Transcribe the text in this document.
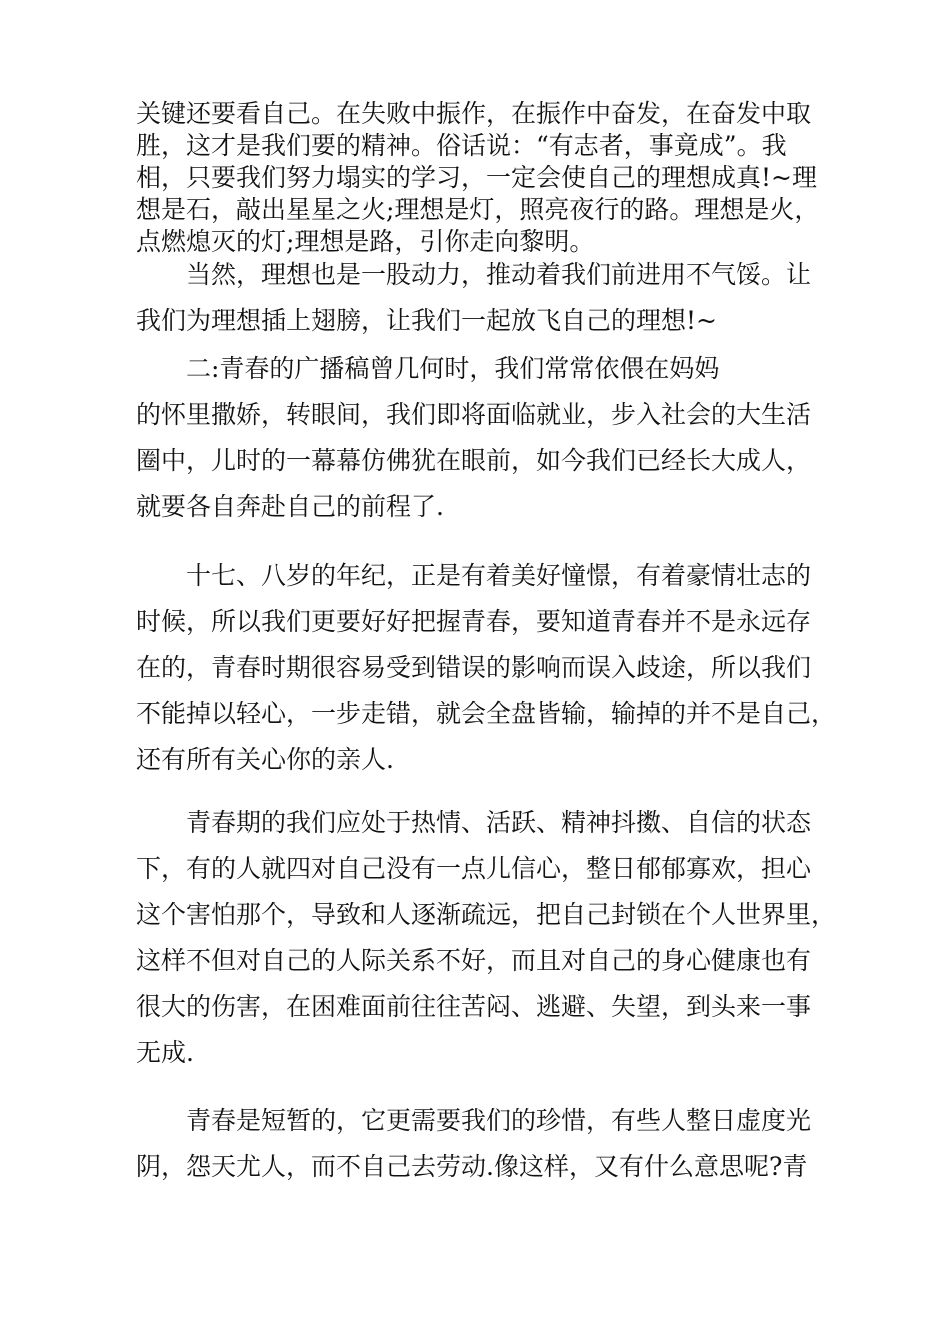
关键还要看自己。在失败中振作，在振作中奋发，在奋发中取
胜，这才是我们要的精神。俗话说：“有志者，事竟成”。我
相，只要我们努力塌实的学习，一定会使自己的理想成真!~理
想是石，敲出星星之火;理想是灯，照亮夜行的路。理想是火，
点燃熄灭的灯;理想是路，引你走向黎明。
当然，理想也是一股动力，推动着我们前进用不气馁。让
我们为理想插上翅膀，让我们一起放飞自己的理想!~
二:青春的广播稿曾几何时，我们常常依偎在妈妈
的怀里撒娇，转眼间，我们即将面临就业，步入社会的大生活
圈中，儿时的一幕幕仿佛犹在眼前，如今我们已经长大成人，
就要各自奔赴自己的前程了.
十七、八岁的年纪，正是有着美好憧憬，有着豪情壮志的
时候，所以我们更要好好把握青春，要知道青春并不是永远存
在的，青春时期很容易受到错误的影响而误入歧途，所以我们
不能掉以轻心，一步走错，就会全盘皆输，输掉的并不是自己，
还有所有关心你的亲人.
青春期的我们应处于热情、活跃、精神抖擞、自信的状态
下，有的人就四对自己没有一点儿信心，整日郁郁寡欢，担心
这个害怕那个，导致和人逐渐疏远，把自己封锁在个人世界里，
这样不但对自己的人际关系不好，而且对自己的身心健康也有
很大的伤害，在困难面前往往苦闷、逃避、失望，到头来一事
无成.
青春是短暂的，它更需要我们的珍惜，有些人整日虚度光
阴，怨天尤人，而不自己去劳动.像这样，又有什么意思呢?青
